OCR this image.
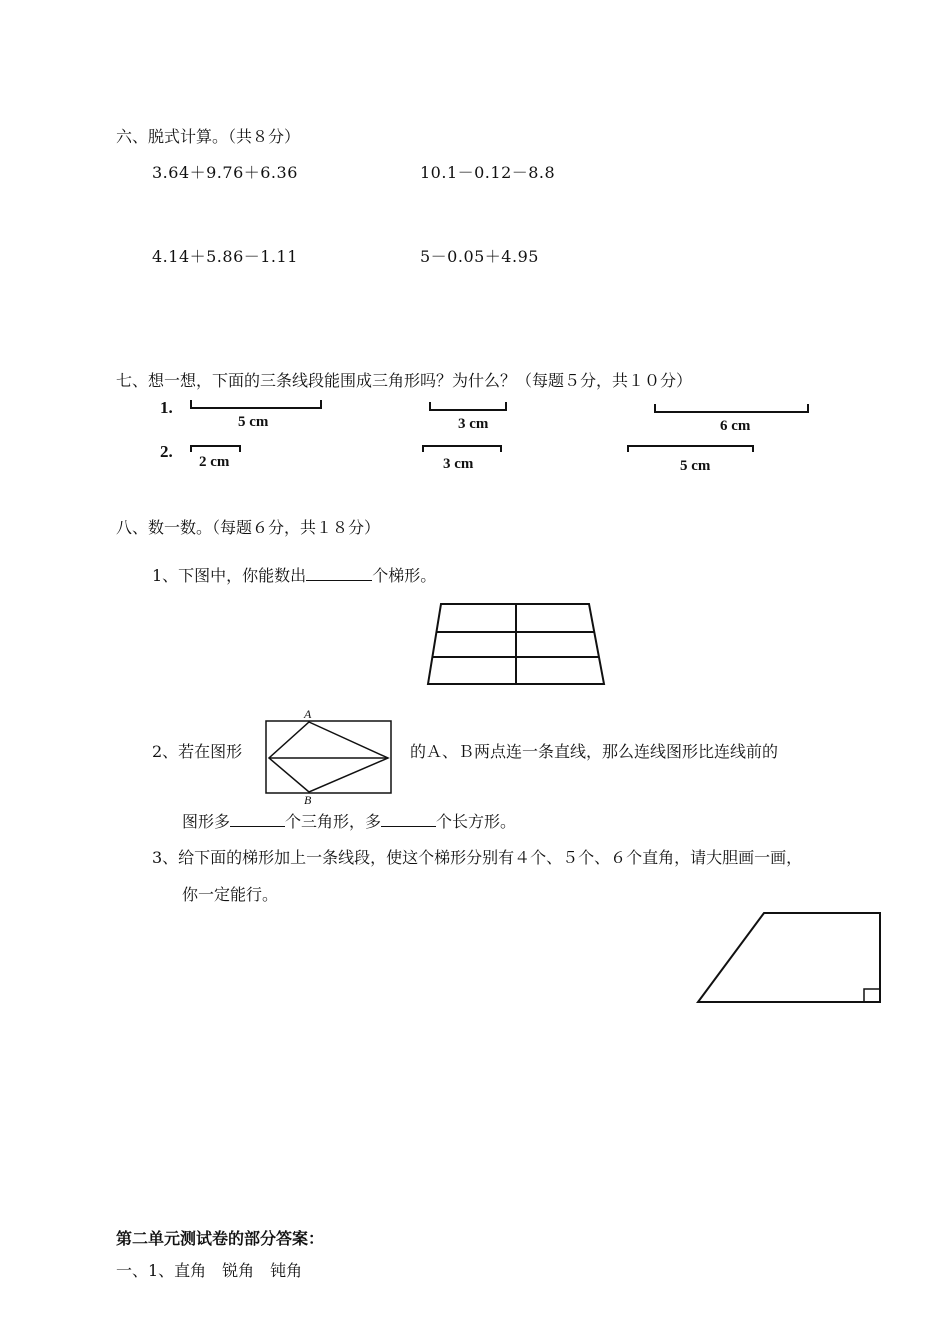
六、脱式计算。（共８分）
3.64＋9.76＋6.36	10.1－0.12－8.8
4.14＋5.86－1.11	5－0.05＋4.95
七、想一想，下面的三条线段能围成三角形吗？为什么？（每题５分，共１０分）
1.
2.
5 cm	3 cm	6 cm
2 cm	3 cm	5 cm
八、数一数。（每题６分，共１８分）
1、下图中，你能数出	个梯形。
2、若在图形
A
B
的Ａ、Ｂ两点连一条直线，那么连线图形比连线前的
图形多	个三角形，多	个长方形。
3、给下面的梯形加上一条线段，使这个梯形分别有４个、５个、６个直角，请大胆画一画，
你一定能行。
第二单元测试卷的部分答案：
一、1、直角　锐角　钝角
